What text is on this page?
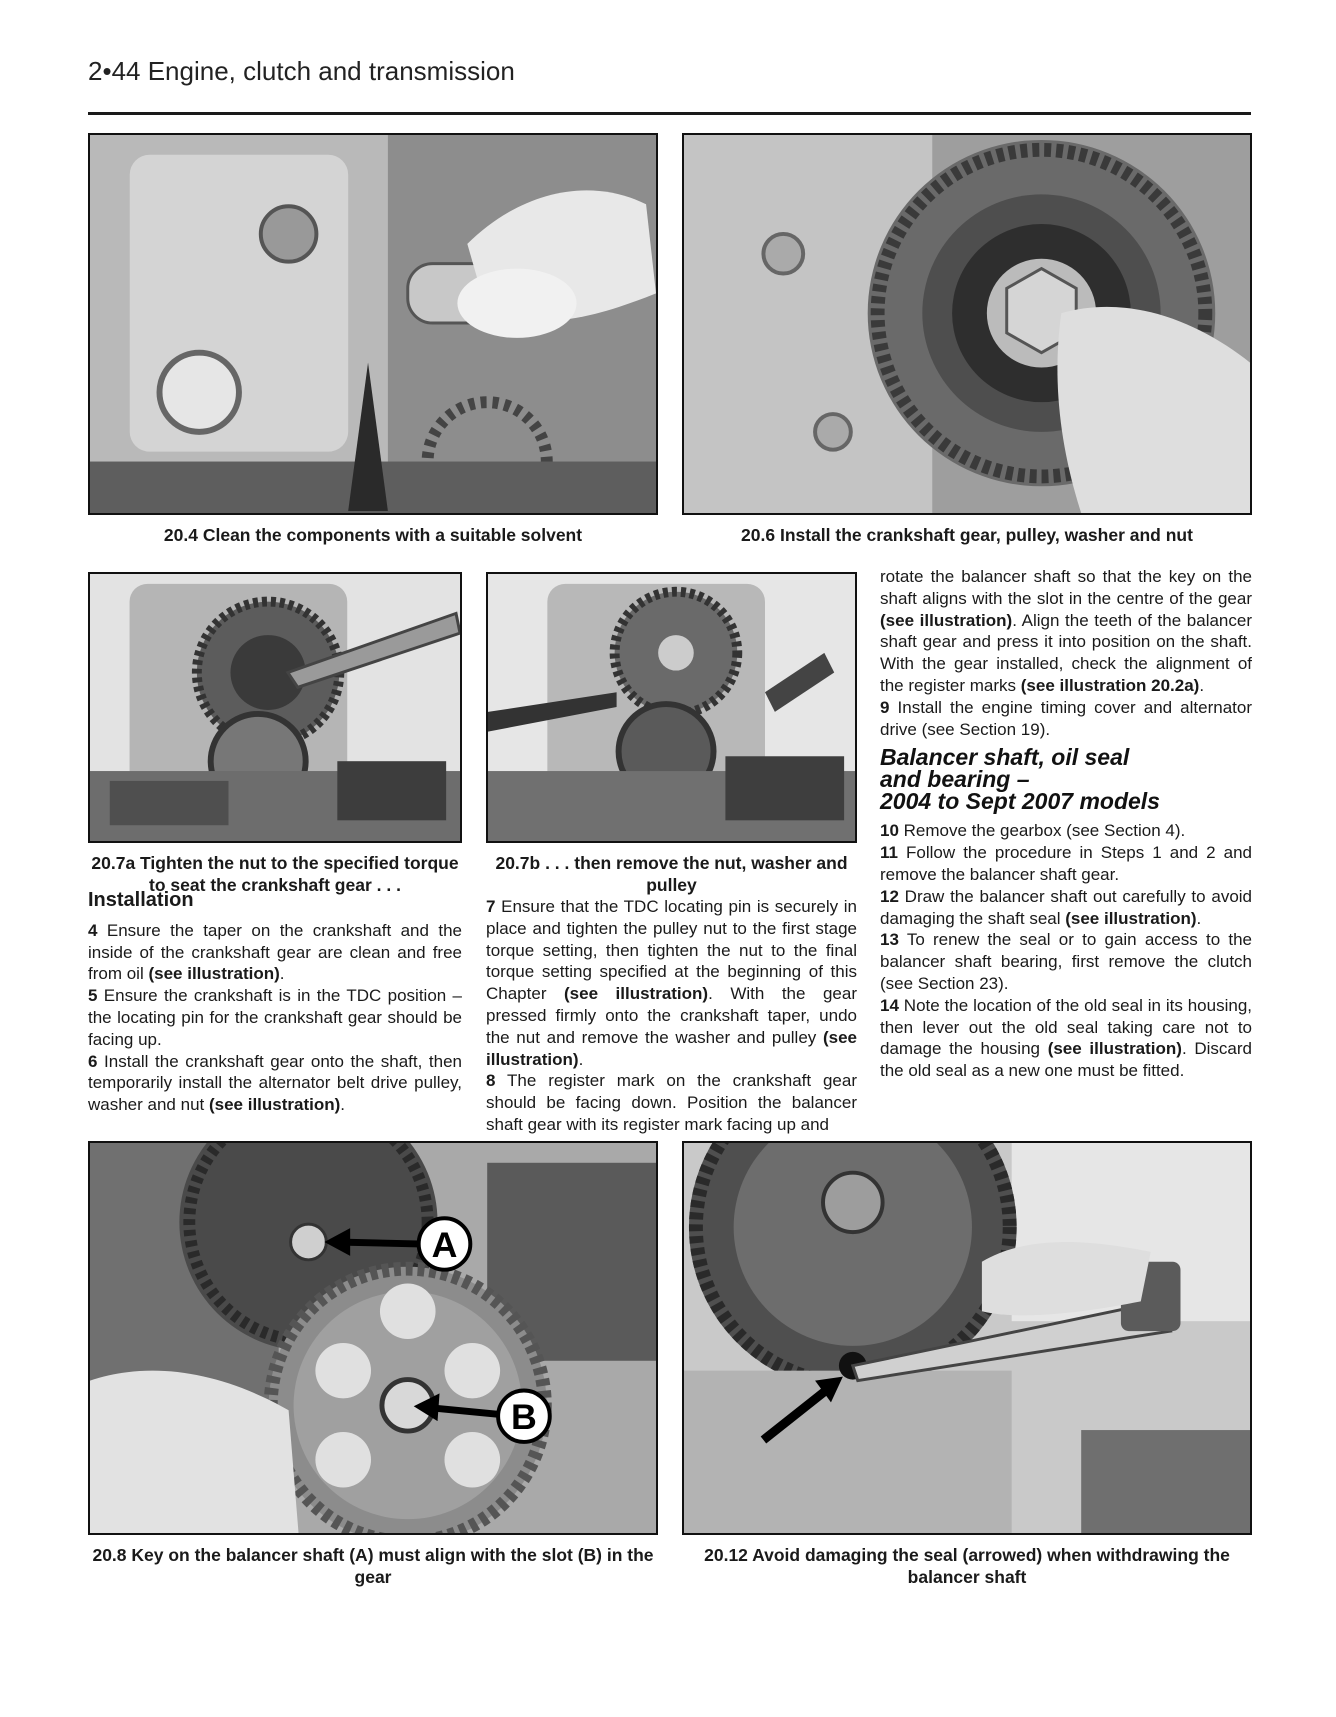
2•44 Engine, clutch and transmission
20.4 Clean the components with a suitable solvent	20.6 Install the crankshaft gear, pulley, washer and nut
20.7a Tighten the nut to the specified torque to seat the crankshaft gear . . .
20.7b . . . then remove the nut, washer and pulley
Installation

4 Ensure the taper on the crankshaft and the inside of the crankshaft gear are clean and free from oil (see illustration).

5 Ensure the crankshaft is in the TDC position – the locating pin for the crankshaft gear should be facing up.

6 Install the crankshaft gear onto the shaft, then temporarily install the alternator belt drive pulley, washer and nut (see illustration).

7 Ensure that the TDC locating pin is securely in place and tighten the pulley nut to the first stage torque setting, then tighten the nut to the final torque setting specified at the beginning of this Chapter (see illustration). With the gear pressed firmly onto the crankshaft taper, undo the nut and remove the washer and pulley (see illustration).

8 The register mark on the crankshaft gear should be facing down. Position the balancer shaft gear with its register mark facing up and

rotate the balancer shaft so that the key on the shaft aligns with the slot in the centre of the gear (see illustration). Align the teeth of the balancer shaft gear and press it into position on the shaft. With the gear installed, check the alignment of the register marks (see illustration 20.2a).

9 Install the engine timing cover and alternator drive (see Section 19).

Balancer shaft, oil seal
and bearing –
2004 to Sept 2007 models

10 Remove the gearbox (see Section 4).

11 Follow the procedure in Steps 1 and 2 and remove the balancer shaft gear.

12 Draw the balancer shaft out carefully to avoid damaging the shaft seal (see illustration).

13 To renew the seal or to gain access to the balancer shaft bearing, first remove the clutch (see Section 23).

14 Note the location of the old seal in its housing, then lever out the old seal taking care not to damage the housing (see illustration). Discard the old seal as a new one must be fitted.

A
B
20.8 Key on the balancer shaft (A) must align with the slot (B) in the gear
20.12 Avoid damaging the seal (arrowed) when withdrawing the balancer shaft
